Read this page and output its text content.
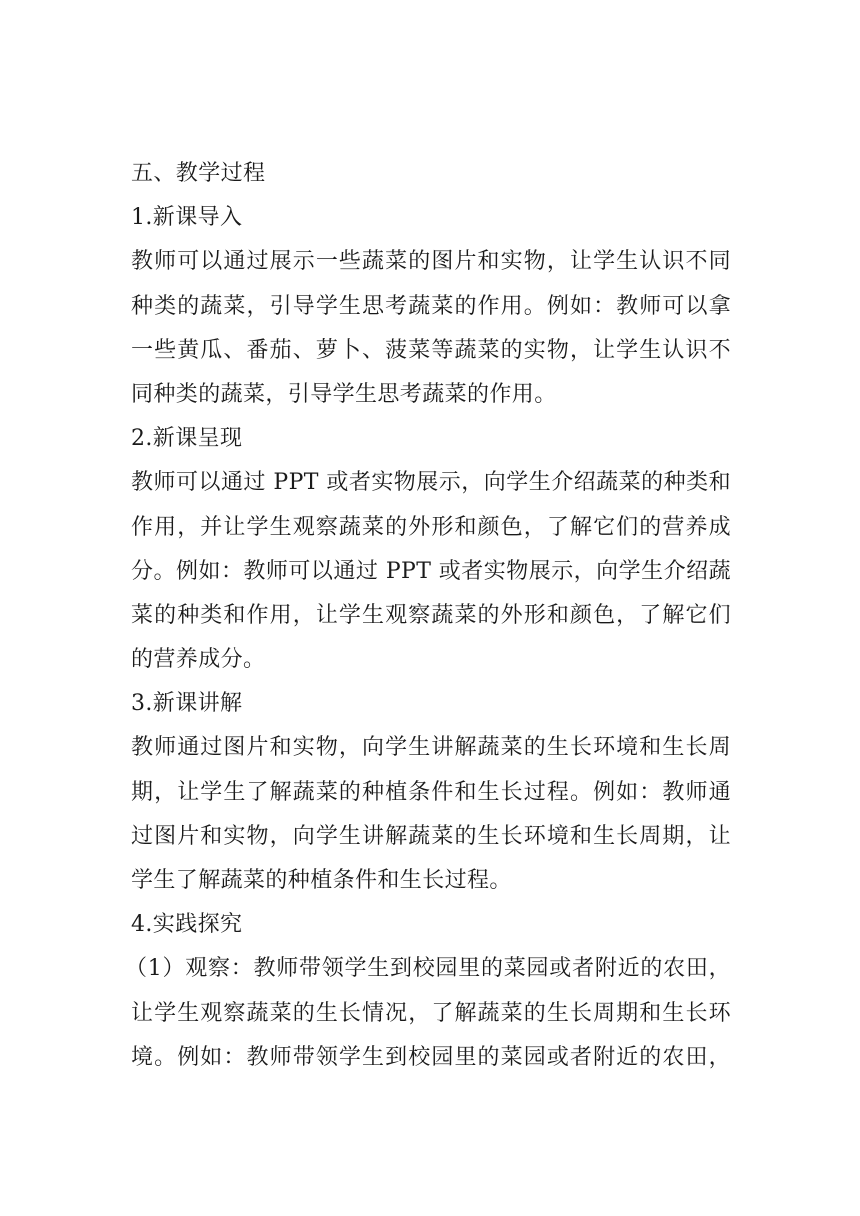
五、教学过程
1.新课导入
教师可以通过展示一些蔬菜的图片和实物，让学生认识不同
种类的蔬菜，引导学生思考蔬菜的作用。例如：教师可以拿
一些黄瓜、番茄、萝卜、菠菜等蔬菜的实物，让学生认识不
同种类的蔬菜，引导学生思考蔬菜的作用。
2.新课呈现
教师可以通过 PPT 或者实物展示，向学生介绍蔬菜的种类和
作用，并让学生观察蔬菜的外形和颜色，了解它们的营养成
分。例如：教师可以通过 PPT 或者实物展示，向学生介绍蔬
菜的种类和作用，让学生观察蔬菜的外形和颜色，了解它们
的营养成分。
3.新课讲解
教师通过图片和实物，向学生讲解蔬菜的生长环境和生长周
期，让学生了解蔬菜的种植条件和生长过程。例如：教师通
过图片和实物，向学生讲解蔬菜的生长环境和生长周期，让
学生了解蔬菜的种植条件和生长过程。
4.实践探究
（1）观察：教师带领学生到校园里的菜园或者附近的农田，
让学生观察蔬菜的生长情况，了解蔬菜的生长周期和生长环
境。例如：教师带领学生到校园里的菜园或者附近的农田，
